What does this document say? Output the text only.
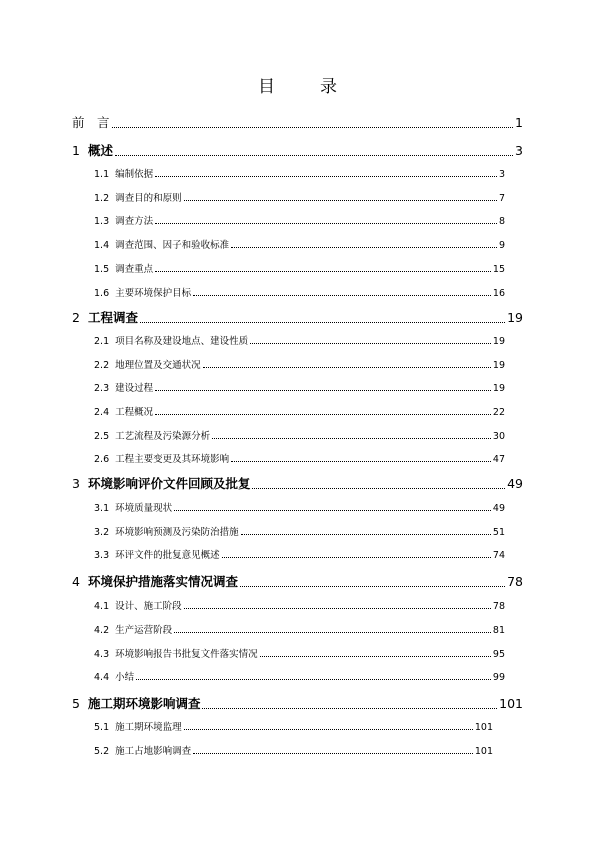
目　录
前　言	1
1 概述	3
1.1 编制依据	3
1.2 调查目的和原则	7
1.3 调查方法	8
1.4 调查范围、因子和验收标准	9
1.5 调查重点	15
1.6 主要环境保护目标	16
2 工程调查	19
2.1 项目名称及建设地点、建设性质	19
2.2 地理位置及交通状况	19
2.3 建设过程	19
2.4 工程概况	22
2.5 工艺流程及污染源分析	30
2.6 工程主要变更及其环境影响	47
3 环境影响评价文件回顾及批复	49
3.1 环境质量现状	49
3.2 环境影响预测及污染防治措施	51
3.3 环评文件的批复意见概述	74
4 环境保护措施落实情况调查	78
4.1 设计、施工阶段	78
4.2 生产运营阶段	81
4.3 环境影响报告书批复文件落实情况	95
4.4 小结	99
5 施工期环境影响调查	101
5.1 施工期环境监理	101
5.2 施工占地影响调查	101
